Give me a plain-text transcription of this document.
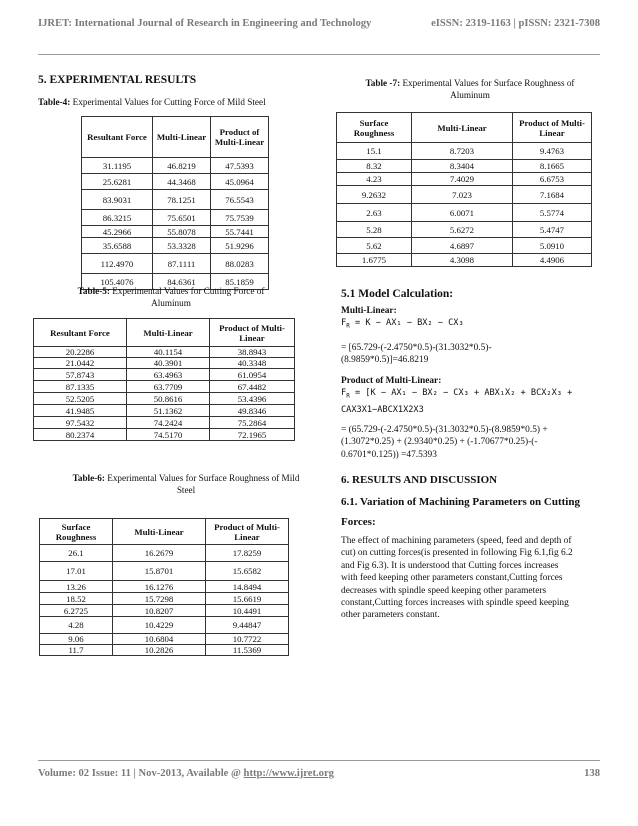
IJRET: International Journal of Research in Engineering and Technology	eISSN: 2319-1163 | pISSN: 2321-7308
5. EXPERIMENTAL RESULTS
Table-4: Experimental Values for Cutting Force of Mild Steel
Resultant Force	Multi-Linear	Product of Multi-Linear
31.1195	46.8219	47.5393
25.6281	44.3468	45.0964
83.9031	78.1251	76.5543
86.3215	75.6501	75.7539
45.2966	55.8078	55.7441
35.6588	53.3328	51.9296
112.4970	87.1111	88.0283
105.4076	84.6361	85.1859
Table-5: Experimental Values for Cutting Force of
Aluminum
Resultant Force	Multi-Linear	Product of Multi-Linear
20.2286	40.1154	38.8943
21.0442	40.3901	40.3348
57.8743	63.4963	61.0954
87.1335	63.7709	67.4482
52.5205	50.8616	53.4396
41.9485	51.1362	49.8346
97.5432	74.2424	75.2864
80.2374	74.5170	72.1965
Table-6: Experimental Values for Surface Roughness of Mild
Steel
Surface Roughness	Multi-Linear	Product of Multi-Linear
26.1	16.2679	17.8259
17.01	15.8701	15.6582
13.26	16.1276	14.8494
18.52	15.7298	15.6619
6.2725	10.8207	10.4491
4.28	10.4229	9.44847
9.06	10.6804	10.7722
11.7	10.2826	11.5369
Table -7: Experimental Values for Surface Roughness of
Aluminum
Surface Roughness	Multi-Linear	Product of Multi-Linear
15.1	8.7203	9.4763
8.32	8.3404	8.1665
4.23	7.4029	6.6753
9.2632	7.023	7.1684
2.63	6.0071	5.5774
5.28	5.6272	5.4747
5.62	4.6897	5.0910
1.6775	4.3098	4.4906
5.1 Model Calculation:
Multi-Linear:
$F_R = K - AX_1 - BX_2 - CX_3$
= [65.729-(-2.4750*0.5)-(31.3032*0.5)-
(8.9859*0.5)]=46.8219
Product of Multi-Linear:
$F_R = [K - AX_1 - BX_2 - CX_3 + ABX_1X_2 + BCX_2X_3$ +
CAX3X1−ABCX1X2X3
= (65.729-(-2.4750*0.5)-(31.3032*0.5)-(8.9859*0.5) +
(1.3072*0.25) + (2.9340*0.25) + (-1.70677*0.25)-(-
0.6701*0.125)) =47.5393
6. RESULTS AND DISCUSSION
6.1. Variation of Machining Parameters on Cutting
Forces:
The effect of machining parameters (speed, feed and depth of
cut) on cutting forces(is presented in following Fig 6.1,fig 6.2
and Fig 6.3). It is understood that Cutting forces increases
with feed keeping other parameters constant,Cutting forces
decreases with spindle speed keeping other parameters
constant,Cutting forces increases with spindle speed keeping
other parameters constant.
Volume: 02 Issue: 11 | Nov-2013, Available @ http://www.ijret.org	138
